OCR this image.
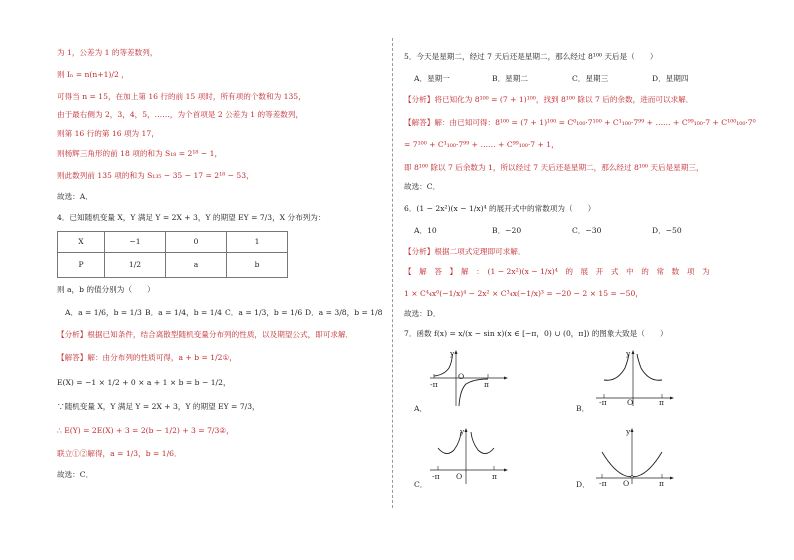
为 1，公差为 1 的等差数列，
则 Iₙ = n(n+1)/2 ，
可得当 n = 15，在加上第 16 行的前 15 项时，所有项的个数和为 135，
由于最右侧为 2，3，4，5，……，为个首项是 2 公差为 1 的等差数列，
则第 16 行的第 16 项为 17，
则杨辉三角形的前 18 项的和为 S₁₈ = 2¹⁸ − 1，
则此数列前 135 项的和为 S₁₃₅ − 35 − 17 = 2¹⁸ − 53，
故选：A．
4．已知随机变量 X，Y 满足 Y = 2X + 3，Y 的期望 EY = 7/3，X 分布列为：
X	−1	0	1
P	1/2	a	b
则 a，b 的值分别为（　　）
A．a = 1/6，b = 1/3 B．a = 1/4，b = 1/4 C．a = 1/3，b = 1/6 D．a = 3/8，b = 1/8
【分析】根据已知条件，结合离散型随机变量分布列的性质，以及期望公式，即可求解．
【解答】解：由分布列的性质可得，a + b = 1/2①，
E(X) = −1 × 1/2 + 0 × a + 1 × b = b − 1/2，
∵随机变量 X，Y 满足 Y = 2X + 3，Y 的期望 EY = 7/3，
∴ E(Y) = 2E(X) + 3 = 2(b − 1/2) + 3 = 7/3②，
联立①②解得，a = 1/3，b = 1/6．
故选：C．
5．今天是星期二，经过 7 天后还是星期二，那么经过 8¹⁰⁰ 天后是（　　）
A．星期一	B．星期二	C．星期三	D．星期四
【分析】将已知化为 8¹⁰⁰ = (7 + 1)¹⁰⁰，找到 8¹⁰⁰ 除以 7 后的余数，进而可以求解．
【解答】解：由已知可得：8¹⁰⁰ = (7 + 1)¹⁰⁰ = C⁰₁₀₀·7¹⁰⁰ + C¹₁₀₀·7⁹⁹ + …… + C⁹⁹₁₀₀·7 + C¹⁰⁰₁₀₀·7⁰
= 7¹⁰⁰ + C¹₁₀₀·7⁹⁹ + …… + C⁹⁹₁₀₀·7 + 1，
即 8¹⁰⁰ 除以 7 后余数为 1，所以经过 7 天后还是星期二，那么经过 8¹⁰⁰ 天后是星期三，
故选：C．
6．(1 − 2x²)(x − 1/x)⁴ 的展开式中的常数项为（　　）
A．10	B．−20	C．−30	D．−50
【分析】根据二项式定理即可求解．
【　解　答　】　解　：　(1 − 2x²)(x − 1/x)⁴　的　展　开　式　中　的　常　数　项　为
1 × C⁴₄x⁰(−1/x)⁴ − 2x² × C³₄x(−1/x)³ = −20 − 2 × 15 = −50，
故选：D．
7．函数 f(x) = x/(x − sin x)(x ∈ [−π，0) ∪ (0，π]) 的图象大致是（　　）
y
O
-π	π
A．
y
O
-π	π
B．
y
O
-π	π
C．
y
O
-π	π
D．
